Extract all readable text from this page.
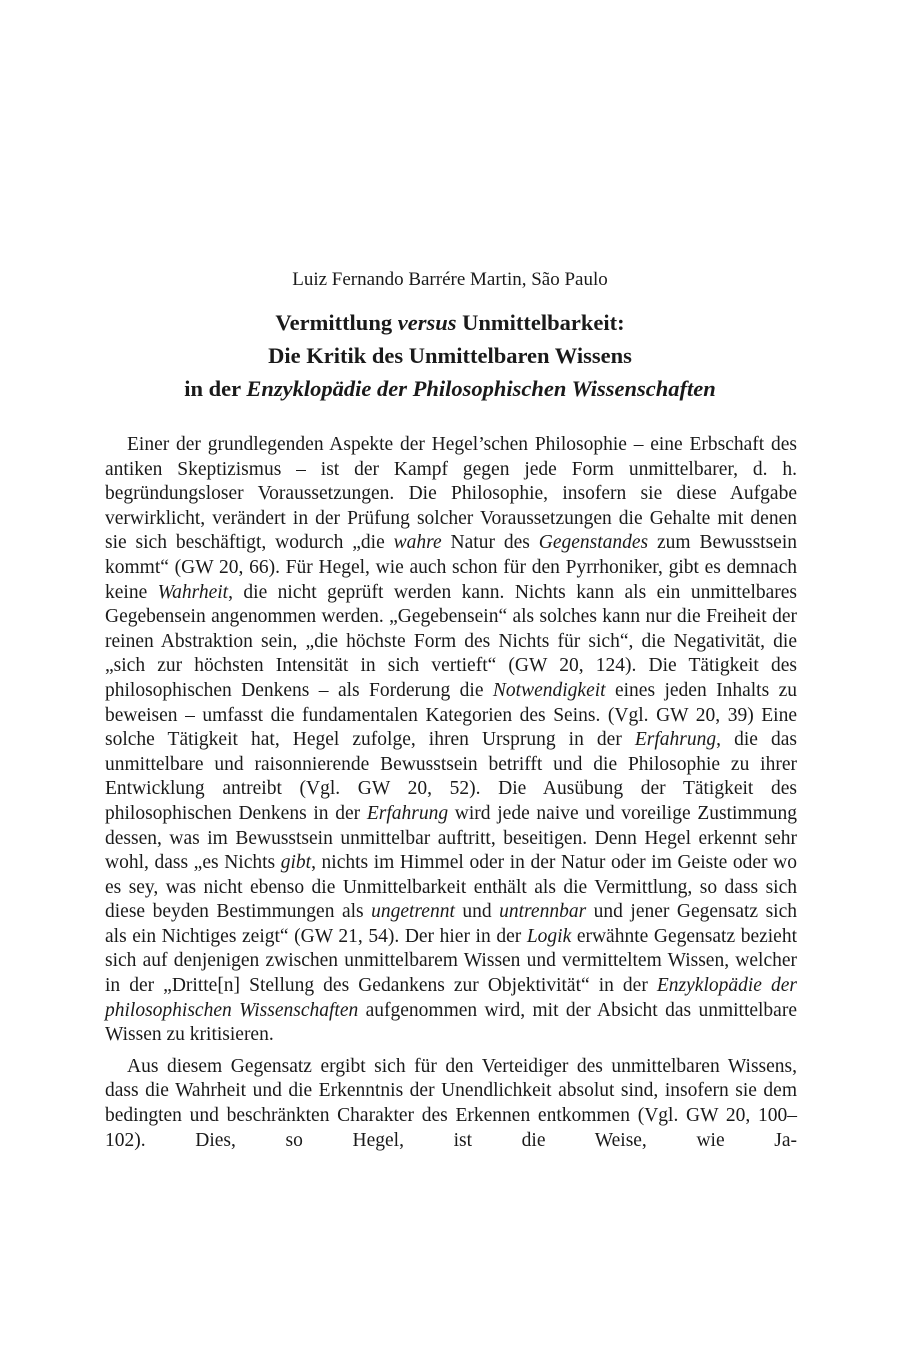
Luiz Fernando Barrére Martin, São Paulo
Vermittlung versus Unmittelbarkeit:
Die Kritik des Unmittelbaren Wissens
in der Enzyklopädie der Philosophischen Wissenschaften

Einer der grundlegenden Aspekte der Hegel’schen Philosophie – eine Erbschaft des antiken Skeptizismus – ist der Kampf gegen jede Form unmittelbarer, d. h. begründungsloser Voraussetzungen. Die Philosophie, insofern sie diese Aufgabe verwirklicht, verändert in der Prüfung solcher Voraussetzungen die Gehalte mit denen sie sich beschäftigt, wodurch „die wahre Natur des Gegenstandes zum Bewusstsein kommt“ (GW 20, 66). Für Hegel, wie auch schon für den Pyrrhoniker, gibt es demnach keine Wahrheit, die nicht geprüft werden kann. Nichts kann als ein unmittelbares Gegebensein angenommen werden. „Gegebensein“ als solches kann nur die Freiheit der reinen Abstraktion sein, „die höchste Form des Nichts für sich“, die Negativität, die „sich zur höchsten Intensität in sich vertieft“ (GW 20, 124). Die Tätigkeit des philosophischen Denkens – als Forderung die Notwendigkeit eines jeden Inhalts zu beweisen – umfasst die fundamentalen Kategorien des Seins. (Vgl. GW 20, 39) Eine solche Tätigkeit hat, Hegel zufolge, ihren Ursprung in der Erfahrung, die das unmittelbare und raisonnierende Bewusstsein betrifft und die Philosophie zu ihrer Entwicklung antreibt (Vgl. GW 20, 52). Die Ausübung der Tätigkeit des philosophischen Denkens in der Erfahrung wird jede naive und voreilige Zustimmung dessen, was im Bewusstsein unmittelbar auftritt, beseitigen. Denn Hegel erkennt sehr wohl, dass „es Nichts gibt, nichts im Himmel oder in der Natur oder im Geiste oder wo es sey, was nicht ebenso die Unmittelbarkeit enthält als die Vermittlung, so dass sich diese beyden Bestimmungen als ungetrennt und untrennbar und jener Gegensatz sich als ein Nichtiges zeigt“ (GW 21, 54). Der hier in der Logik erwähnte Gegensatz bezieht sich auf denjenigen zwischen unmittelbarem Wissen und vermitteltem Wissen, welcher in der „Dritte[n] Stellung des Gedankens zur Objektivität“ in der Enzyklopädie der philosophischen Wissenschaften aufgenommen wird, mit der Absicht das unmittelbare Wissen zu kritisieren.

Aus diesem Gegensatz ergibt sich für den Verteidiger des unmittelbaren Wissens, dass die Wahrheit und die Erkenntnis der Unendlichkeit absolut sind, insofern sie dem bedingten und beschränkten Charakter des Erkennen entkommen (Vgl. GW 20, 100–102). Dies, so Hegel, ist die Weise, wie Ja-
